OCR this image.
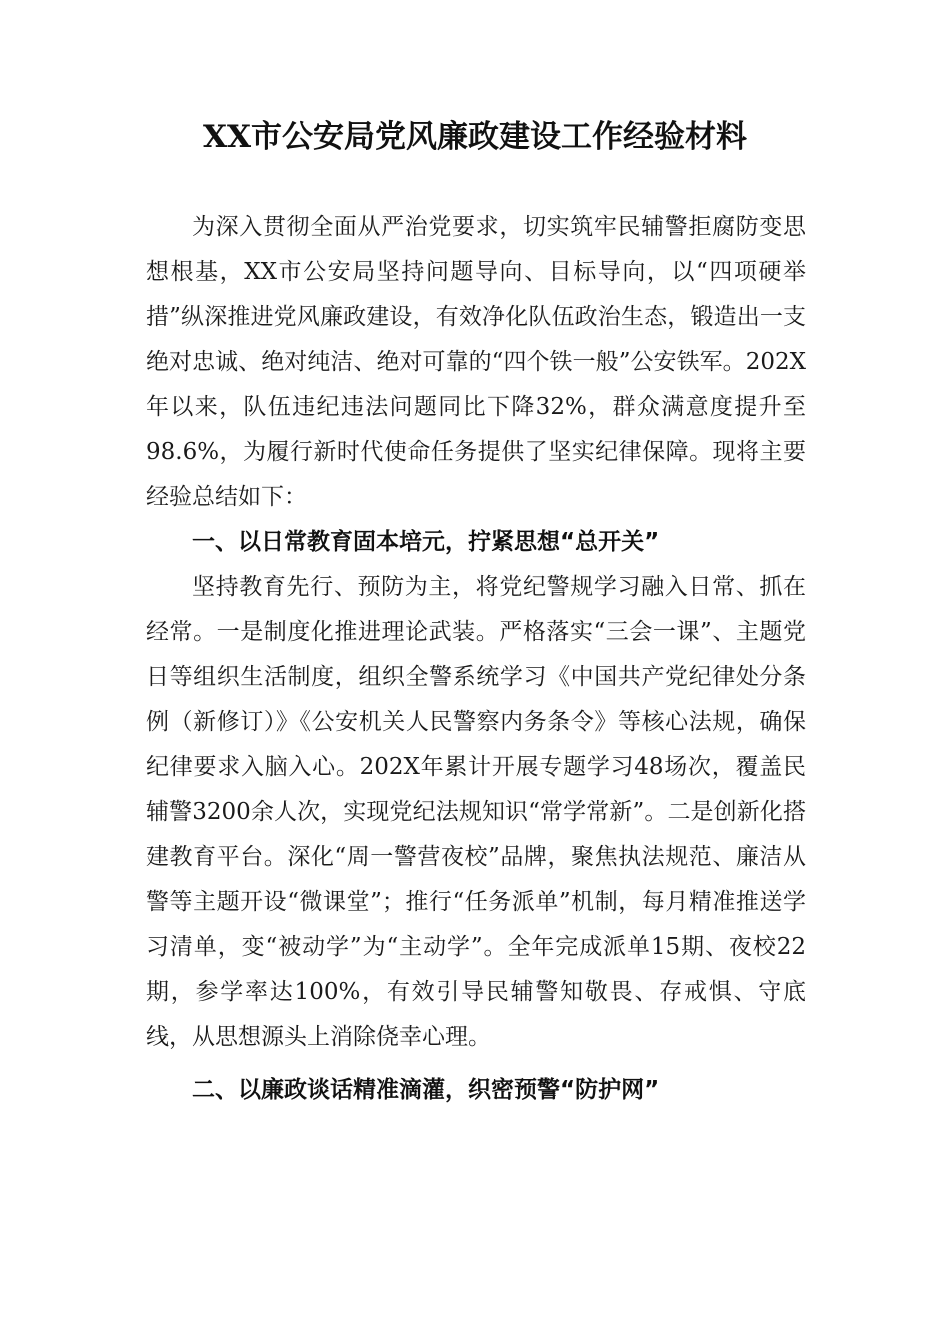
XX市公安局党风廉政建设工作经验材料

为深入贯彻全面从严治党要求，切实筑牢民辅警拒腐防变思想根基，XX市公安局坚持问题导向、目标导向，以“四项硬举措”纵深推进党风廉政建设，有效净化队伍政治生态，锻造出一支绝对忠诚、绝对纯洁、绝对可靠的“四个铁一般”公安铁军。202X年以来，队伍违纪违法问题同比下降32%，群众满意度提升至98.6%，为履行新时代使命任务提供了坚实纪律保障。现将主要经验总结如下：

一、以日常教育固本培元，拧紧思想“总开关”

坚持教育先行、预防为主，将党纪警规学习融入日常、抓在经常。一是制度化推进理论武装。严格落实“三会一课”、主题党日等组织生活制度，组织全警系统学习《中国共产党纪律处分条例（新修订）》《公安机关人民警察内务条令》等核心法规，确保纪律要求入脑入心。202X年累计开展专题学习48场次，覆盖民辅警3200余人次，实现党纪法规知识“常学常新”。二是创新化搭建教育平台。深化“周一警营夜校”品牌，聚焦执法规范、廉洁从警等主题开设“微课堂”；推行“任务派单”机制，每月精准推送学习清单，变“被动学”为“主动学”。全年完成派单15期、夜校22期，参学率达100%，有效引导民辅警知敬畏、存戒惧、守底线，从思想源头上消除侥幸心理。

二、以廉政谈话精准滴灌，织密预警“防护网”
